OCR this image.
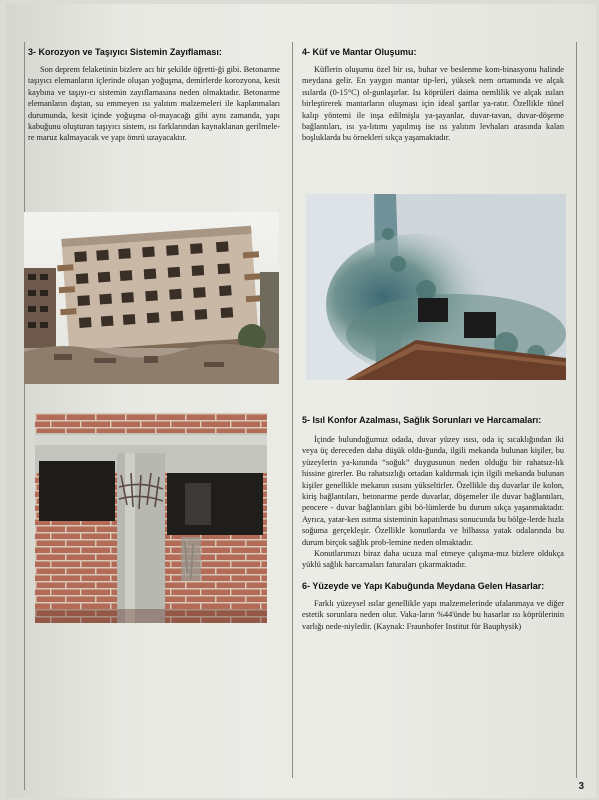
3- Korozyon ve Taşıyıcı Sistemin Zayıflaması:

Son deprem felaketinin bizlere acı bir şekilde öğretti-ği gibi. Betonarme taşıyıcı elemanların içlerinde oluşan yoğuşma, demirlerde korozyona, kesit kaybına ve taşıyı-cı sistemin zayıflamasına neden olmaktadır. Betonarme elemanların dıştan, su emmeyen ısı yalıtım malzemeleri ile kaplanmaları durumunda, kesit içinde yoğuşma ol-mayacağı gibi aynı zamanda, yapı kabuğunu oluşturan taşıyıcı sistem, ısı farklarından kaynaklanan gerilmele-re maruz kalmayacak ve yapı ömrü uzayacaktır.

4- Küf ve Mantar Oluşumu:

Küflerin oluşumu özel bir ısı, buhar ve beslenme kom-binasyonu halinde meydana gelir. En yaygın mantar tip-leri, yüksek nem ortamında ve alçak ısılarda (0-15°C) ol-gunlaşırlar. Isı köprüleri daima nemlilik ve alçak ısıları birleştirerek mantarların oluşması için ideal şartlar ya-ratır. Özellikle tünel kalıp yöntemi ile inşa edilmişla ya-şayanlar, duvar-tavan, duvar-döşeme bağlantıları, ısı ya-lıtımı yapılmış ise ısı yalıtım levhaları arasında kalan boşluklarda bu örnekleri sıkça yaşamaktadır.

5- Isıl Konfor Azalması, Sağlık Sorunları ve Harcamaları:

İçinde bulunduğumuz odada, duvar yüzey ısısı, oda iç sıcaklığından iki veya üç dereceden daha düşük oldu-ğunda, ilgili mekanda bulunan kişiler, bu yüzeylerin ya-kınında “soğuk” duygusunun neden olduğu bir rahatsız-lık hissine girerler. Bu rahatsızlığı ortadan kaldırmak için ilgili mekanda bulunan kişiler genellikle mekanın ısısını yükseltirler. Özellikle dış duvarlar ile kolon, kiriş bağlantıları, betonarme perde duvarlar, döşemeler ile duvar bağlantıları, pencere - duvar bağlantıları gibi bö-lümlerde bu durum sıkça yaşanmaktadır. Ayrıca, yatar-ken ısıtma sisteminin kapatılması sonucunda bu bölge-lerde hızla soğuma gerçekleşir. Özellikle konutlarda ve bilhassa yatak odalarında bu durum birçok sağlık prob-lemine neden olmaktadır.

Konutlarımızı biraz daha ucuza mal etmeye çalışma-mız bizlere oldukça yüklü sağlık harcamaları faturaları çıkarmaktadır.

6- Yüzeyde ve Yapı Kabuğunda Meydana Gelen Hasarlar:

Farklı yüzeysel ısılar genellikle yapı malzemelerinde ufalanmaya ve diğer estetik sorunlara neden olur. Vaka-ların %44'ünde bu hasarlar ısı köprülerinin varlığı nede-niyledir. (Kaynak: Fraunhofer Institut für Bauphysik)

3
